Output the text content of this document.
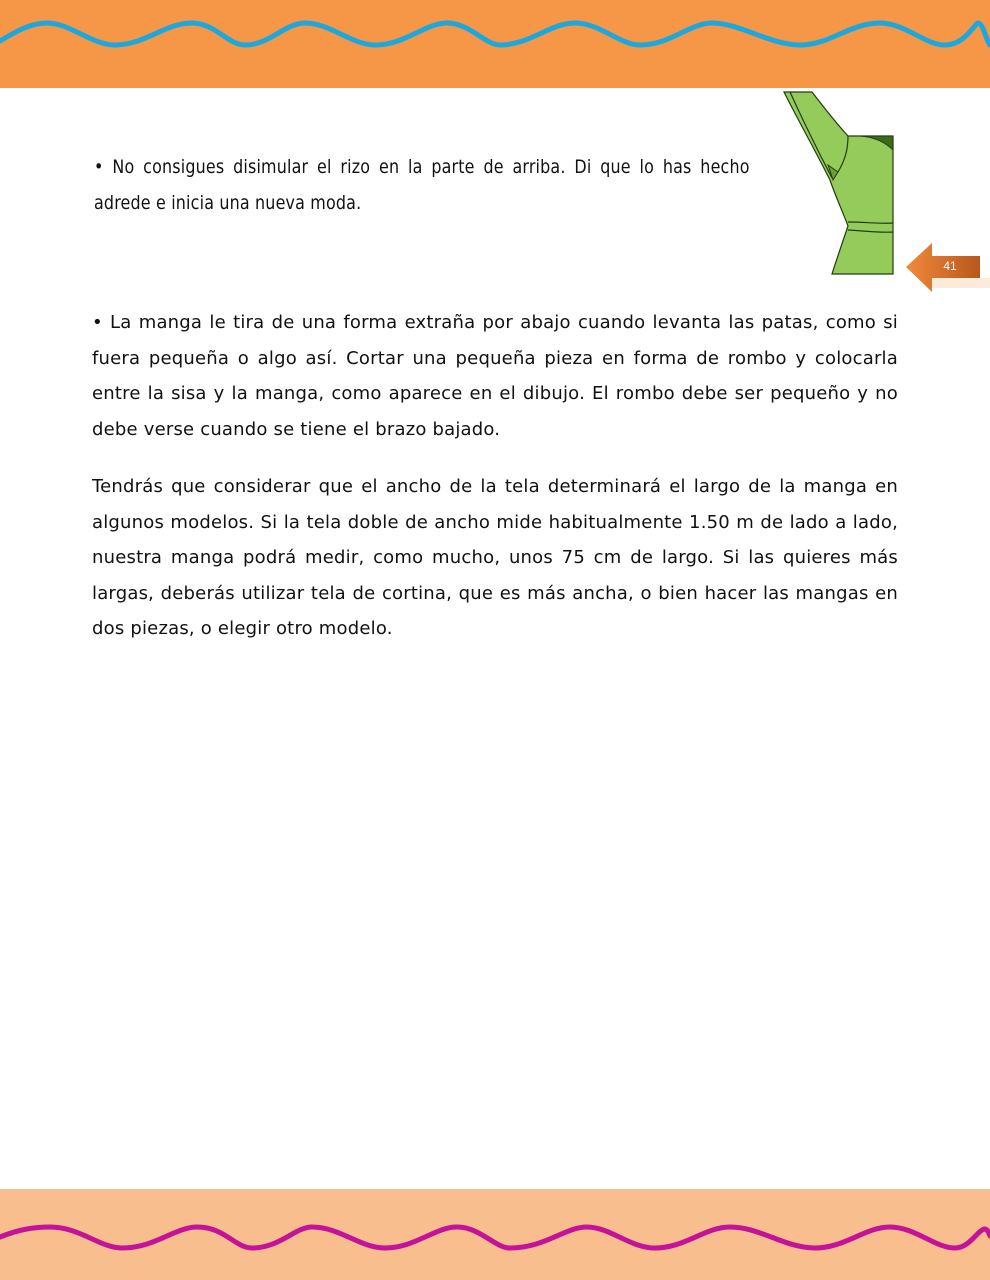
41

• No consigues disimular el rizo en la parte de arriba. Di que lo has hecho adrede e inicia una nueva moda.

• La manga le tira de una forma extraña por abajo cuando levanta las patas, como si fuera pequeña o algo así. Cortar una pequeña pieza en forma de rombo y colocarla entre la sisa y la manga, como aparece en el dibujo. El rombo debe ser pequeño y no debe verse cuando se tiene el brazo bajado.

Tendrás que considerar que el ancho de la tela determinará el largo de la manga en algunos modelos. Si la tela doble de ancho mide habitualmente 1.50 m de lado a lado, nuestra manga podrá medir, como mucho, unos 75 cm de largo. Si las quieres más largas, deberás utilizar tela de cortina, que es más ancha, o bien hacer las mangas en dos piezas, o elegir otro modelo.
